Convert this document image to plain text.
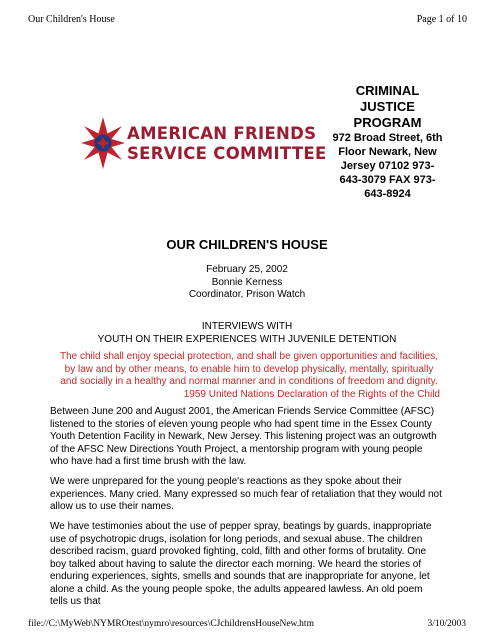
Our Children's House	Page 1 of 10
AMERICAN FRIENDS
SERVICE COMMITTEE
CRIMINAL JUSTICE PROGRAM
972 Broad Street, 6th Floor Newark, New Jersey 07102 973-643-3079 FAX 973-643-8924
OUR CHILDREN'S HOUSE
February 25, 2002
Bonnie Kerness
Coordinator, Prison Watch
INTERVIEWS WITH
YOUTH ON THEIR EXPERIENCES WITH JUVENILE DETENTION

The child shall enjoy special protection, and shall be given opportunities and facilities, by law and by other means, to enable him to develop physically, mentally, spiritually and socially in a healthy and normal manner and in conditions of freedom and dignity.

1959 United Nations Declaration of the Rights of the Child

Between June 200 and August 2001, the American Friends Service Committee (AFSC) listened to the stories of eleven young people who had spent time in the Essex County Youth Detention Facility in Newark, New Jersey. This listening project was an outgrowth of the AFSC New Directions Youth Project, a mentorship program with young people who have had a first time brush with the law.

We were unprepared for the young people's reactions as they spoke about their experiences. Many cried. Many expressed so much fear of retaliation that they would not allow us to use their names.

We have testimonies about the use of pepper spray, beatings by guards, inappropriate use of psychotropic drugs, isolation for long periods, and sexual abuse. The children described racism, guard provoked fighting, cold, filth and other forms of brutality. One boy talked about having to salute the director each morning. We heard the stories of enduring experiences, sights, smells and sounds that are inappropriate for anyone, let alone a child. As the young people spoke, the adults appeared lawless. An old poem tells us that

file://C:\MyWeb\NYMROtest\nymro\resources\CJchildrensHouseNew.htm	3/10/2003
